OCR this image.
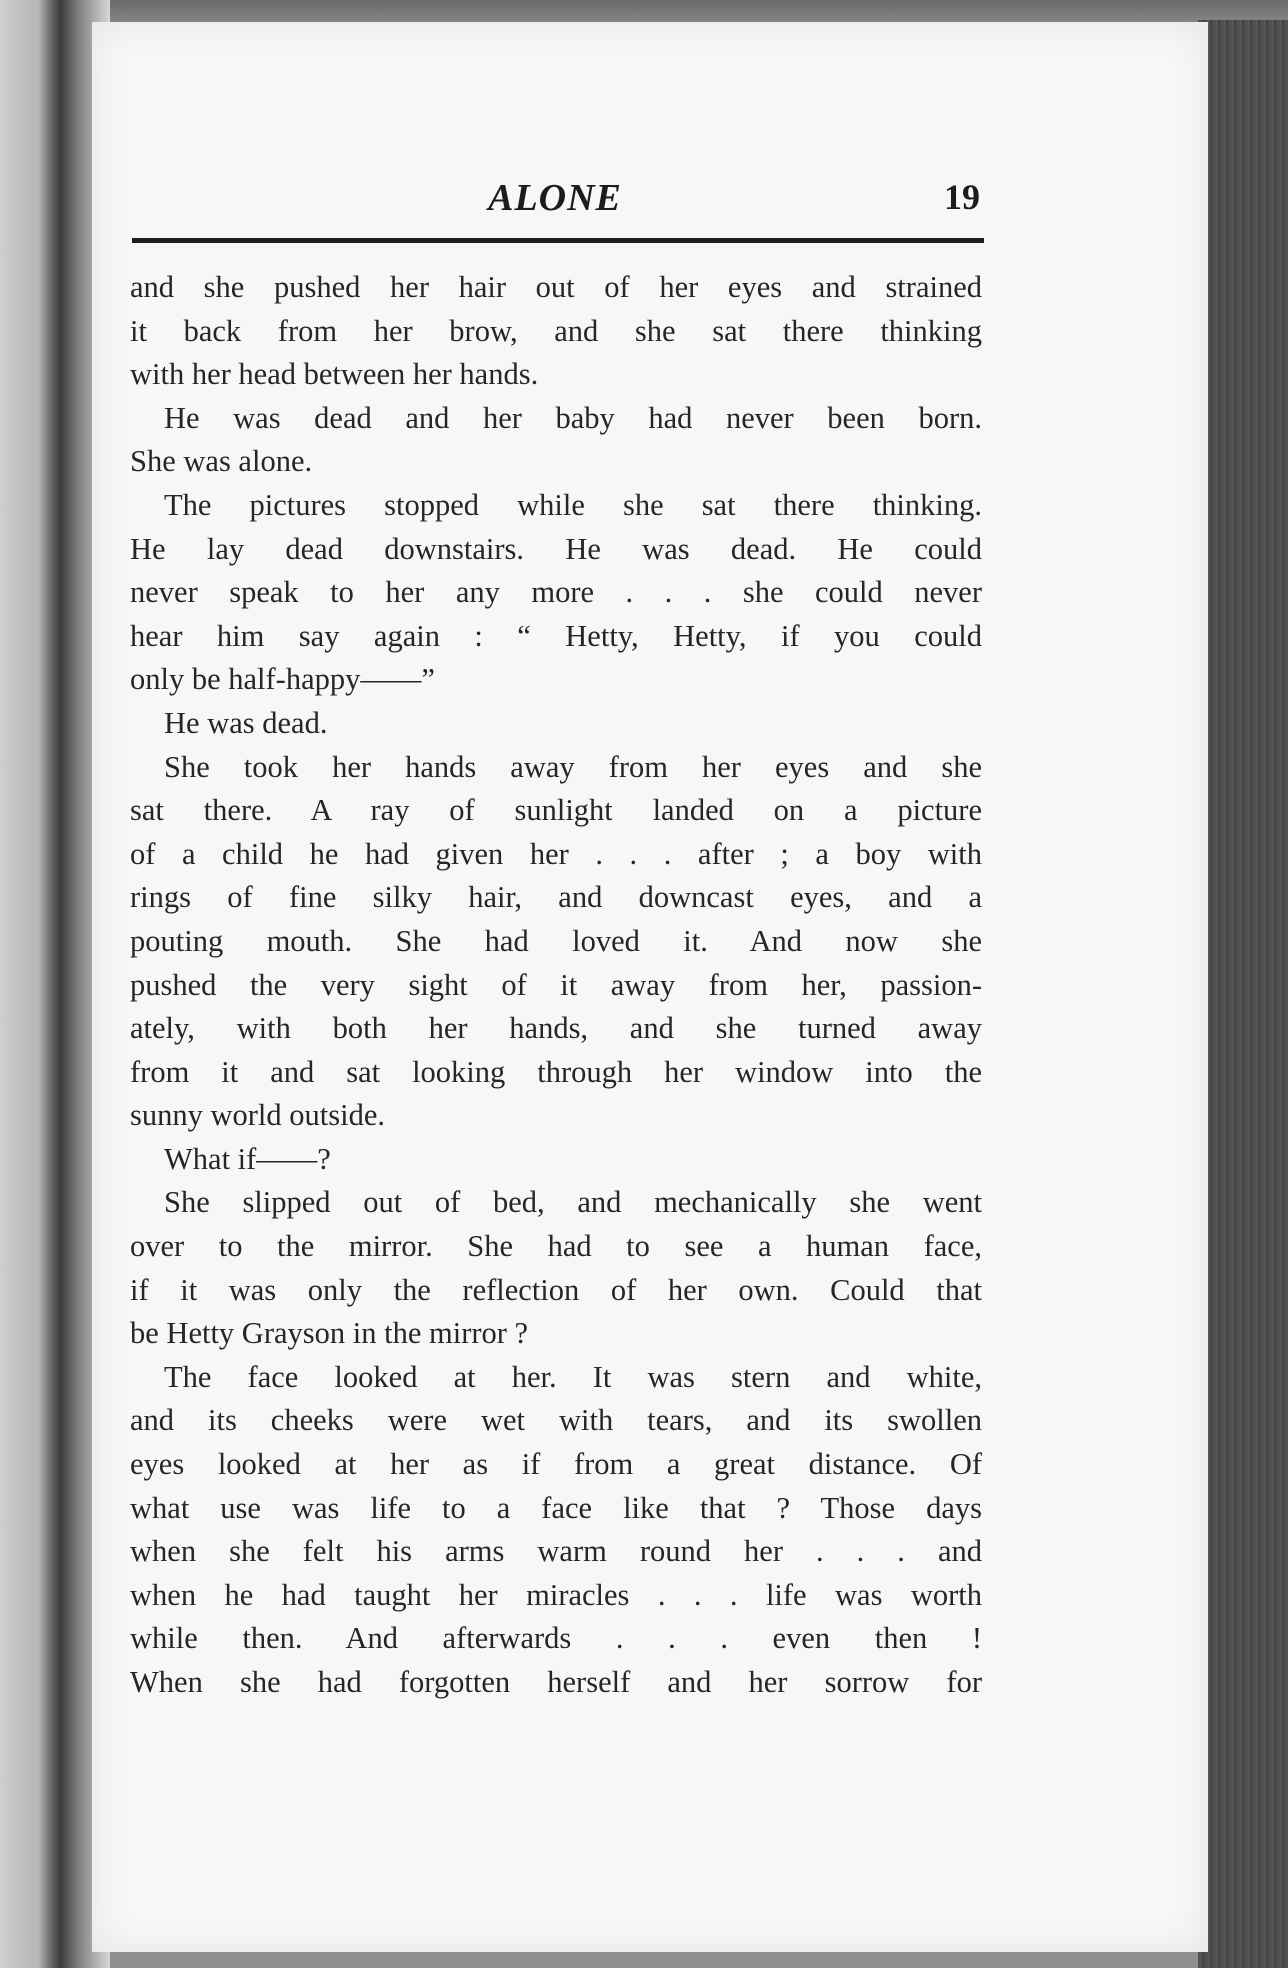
ALONE	19
and she pushed her hair out of her eyes and strained
it back from her brow, and she sat there thinking
with her head between her hands.
He was dead and her baby had never been born.
She was alone.
The pictures stopped while she sat there thinking.
He lay dead downstairs. He was dead. He could
never speak to her any more . . . she could never
hear him say again : “ Hetty, Hetty, if you could
only be half-happy——”
He was dead.
She took her hands away from her eyes and she
sat there. A ray of sunlight landed on a picture
of a child he had given her . . . after ; a boy with
rings of fine silky hair, and downcast eyes, and a
pouting mouth. She had loved it. And now she
pushed the very sight of it away from her, passion-
ately, with both her hands, and she turned away
from it and sat looking through her window into the
sunny world outside.
What if——?
She slipped out of bed, and mechanically she went
over to the mirror. She had to see a human face,
if it was only the reflection of her own. Could that
be Hetty Grayson in the mirror ?
The face looked at her. It was stern and white,
and its cheeks were wet with tears, and its swollen
eyes looked at her as if from a great distance. Of
what use was life to a face like that ? Those days
when she felt his arms warm round her . . . and
when he had taught her miracles . . . life was worth
while then. And afterwards . . . even then !
When she had forgotten herself and her sorrow for
